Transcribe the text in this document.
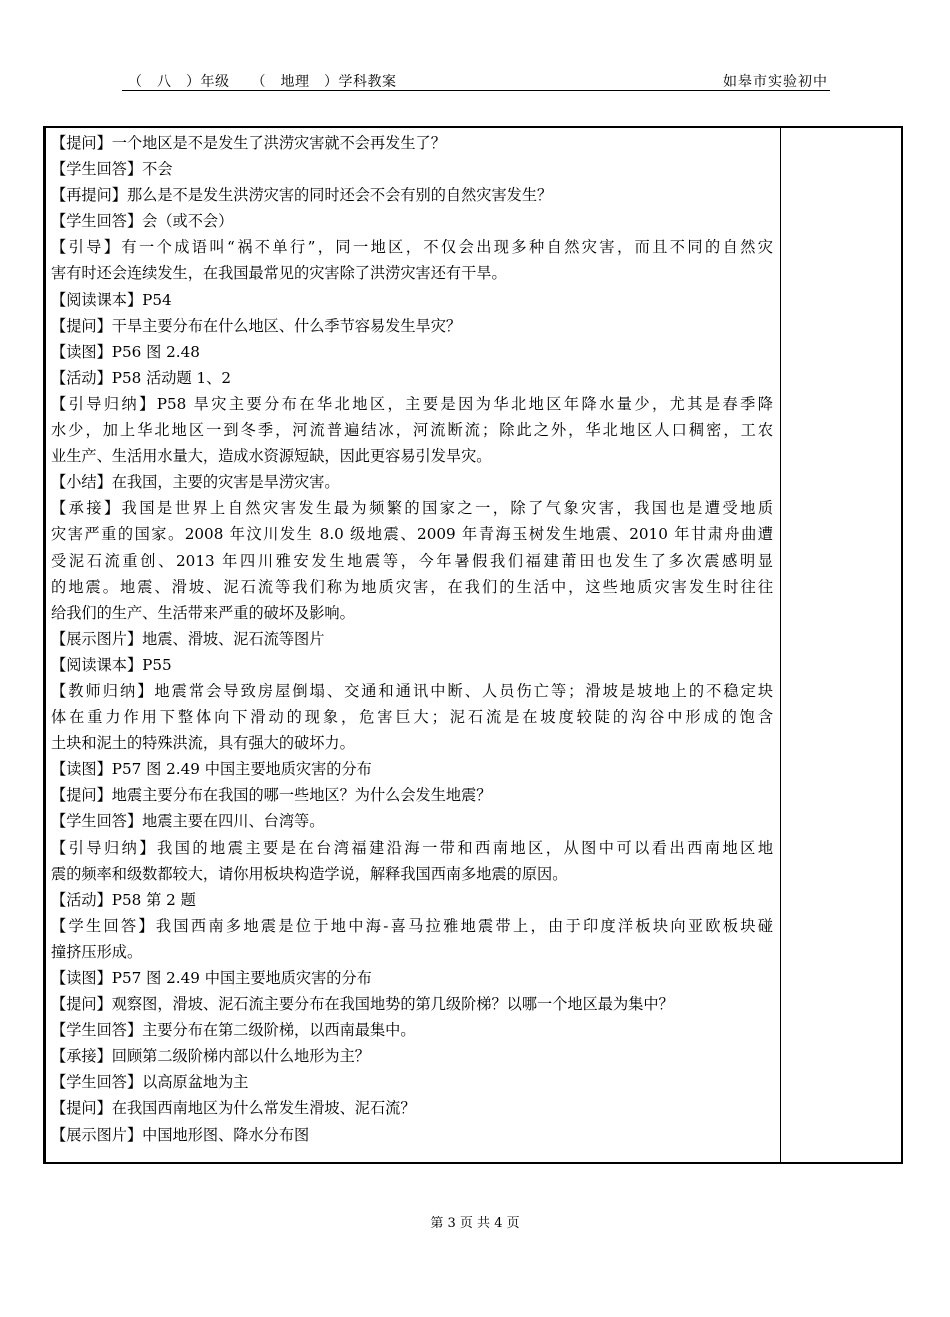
（　八　）年级　　（　地理　）学科教案	如皋市实验初中
【提问】一个地区是不是发生了洪涝灾害就不会再发生了？
【学生回答】不会
【再提问】那么是不是发生洪涝灾害的同时还会不会有别的自然灾害发生？
【学生回答】会（或不会）
【引导】有一个成语叫“祸不单行”，同一地区，不仅会出现多种自然灾害，而且不同的自然灾
害有时还会连续发生，在我国最常见的灾害除了洪涝灾害还有干旱。
【阅读课本】P54
【提问】干旱主要分布在什么地区、什么季节容易发生旱灾？
【读图】P56 图 2.48
【活动】P58 活动题 1、2
【引导归纳】P58 旱灾主要分布在华北地区，主要是因为华北地区年降水量少，尤其是春季降
水少，加上华北地区一到冬季，河流普遍结冰，河流断流；除此之外，华北地区人口稠密，工农
业生产、生活用水量大，造成水资源短缺，因此更容易引发旱灾。
【小结】在我国，主要的灾害是旱涝灾害。
【承接】我国是世界上自然灾害发生最为频繁的国家之一，除了气象灾害，我国也是遭受地质
灾害严重的国家。2008 年汶川发生 8.0 级地震、2009 年青海玉树发生地震、2010 年甘肃舟曲遭
受泥石流重创、2013 年四川雅安发生地震等，今年暑假我们福建莆田也发生了多次震感明显
的地震。地震、滑坡、泥石流等我们称为地质灾害，在我们的生活中，这些地质灾害发生时往往
给我们的生产、生活带来严重的破坏及影响。
【展示图片】地震、滑坡、泥石流等图片
【阅读课本】P55
【教师归纳】地震常会导致房屋倒塌、交通和通讯中断、人员伤亡等；滑坡是坡地上的不稳定块
体在重力作用下整体向下滑动的现象，危害巨大；泥石流是在坡度较陡的沟谷中形成的饱含
土块和泥土的特殊洪流，具有强大的破坏力。
【读图】P57 图 2.49 中国主要地质灾害的分布
【提问】地震主要分布在我国的哪一些地区？为什么会发生地震？
【学生回答】地震主要在四川、台湾等。
【引导归纳】我国的地震主要是在台湾福建沿海一带和西南地区，从图中可以看出西南地区地
震的频率和级数都较大，请你用板块构造学说，解释我国西南多地震的原因。
【活动】P58 第 2 题
【学生回答】我国西南多地震是位于地中海-喜马拉雅地震带上，由于印度洋板块向亚欧板块碰
撞挤压形成。
【读图】P57 图 2.49 中国主要地质灾害的分布
【提问】观察图，滑坡、泥石流主要分布在我国地势的第几级阶梯？以哪一个地区最为集中？
【学生回答】主要分布在第二级阶梯，以西南最集中。
【承接】回顾第二级阶梯内部以什么地形为主？
【学生回答】以高原盆地为主
【提问】在我国西南地区为什么常发生滑坡、泥石流？
【展示图片】中国地形图、降水分布图
第 3 页 共 4 页
